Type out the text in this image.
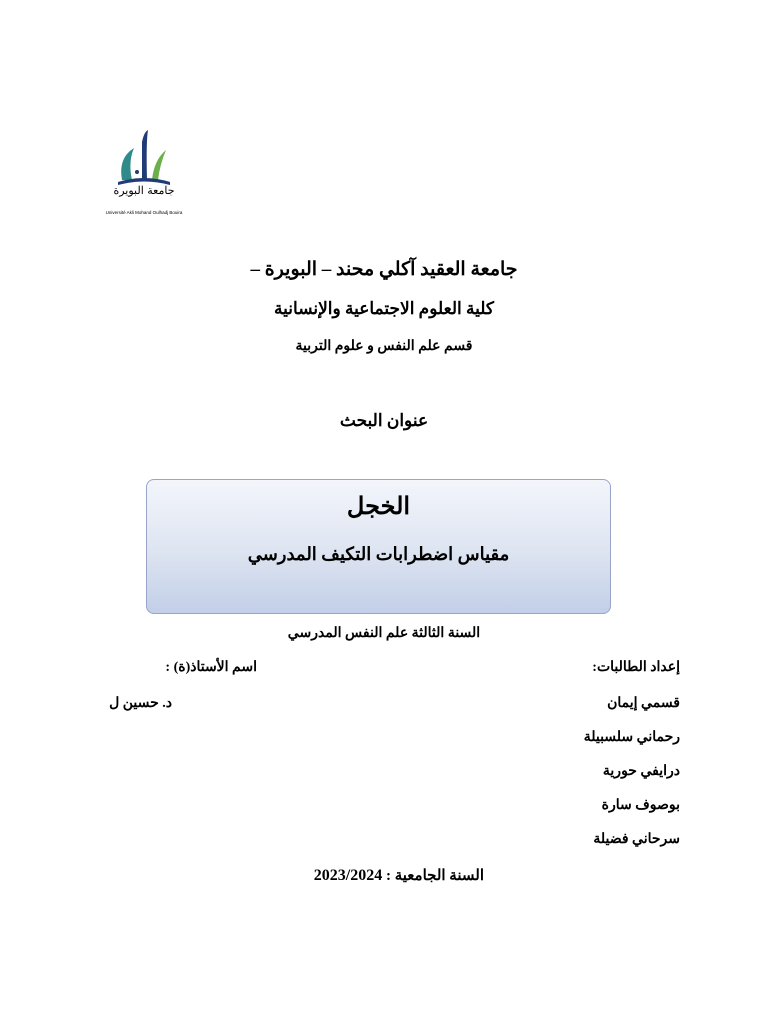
جامعة البويرة
Université Akli Mohand Oulhadj Bouira
جامعة العقيد آكلي محند – البويرة –
كلية العلوم الاجتماعية والإنسانية
قسم علم النفس و علوم التربية
عنوان البحث
الخجل
مقياس اضطرابات التكيف المدرسي
السنة الثالثة علم النفس المدرسي
إعداد الطالبات:
قسمي إيمان
رحماني سلسبيلة
درايفي حورية
بوصوف سارة
سرحاني فضيلة
اسم الأستاذ(ة) :
د. حسين ل
السنة الجامعية : 2023/2024
